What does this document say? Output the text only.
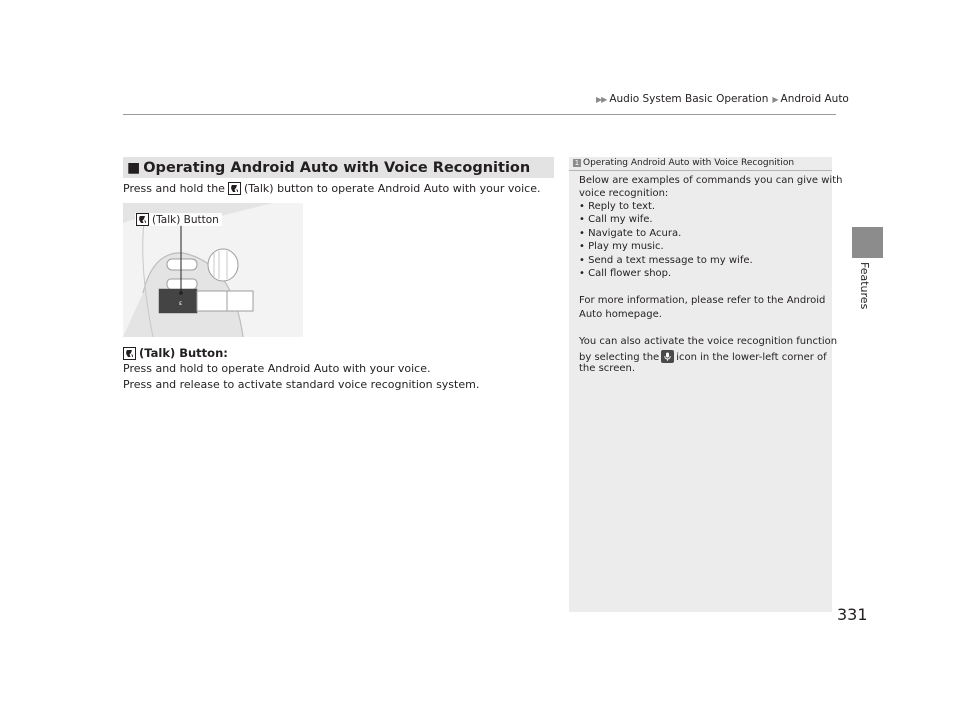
▶▶ Audio System Basic Operation ▶ Android Auto
Features
■ Operating Android Auto with Voice Recognition
Press and hold the (Talk) button to operate Android Auto with your voice.
ε
(Talk) Button
(Talk) Button:
Press and hold to operate Android Auto with your voice.
Press and release to activate standard voice recognition system.
1 Operating Android Auto with Voice Recognition
Below are examples of commands you can give with
voice recognition:
• Reply to text.
• Call my wife.
• Navigate to Acura.
• Play my music.
• Send a text message to my wife.
• Call flower shop.
For more information, please refer to the Android
Auto homepage.
You can also activate the voice recognition function
by selecting the icon in the lower-left corner of
the screen.
331
